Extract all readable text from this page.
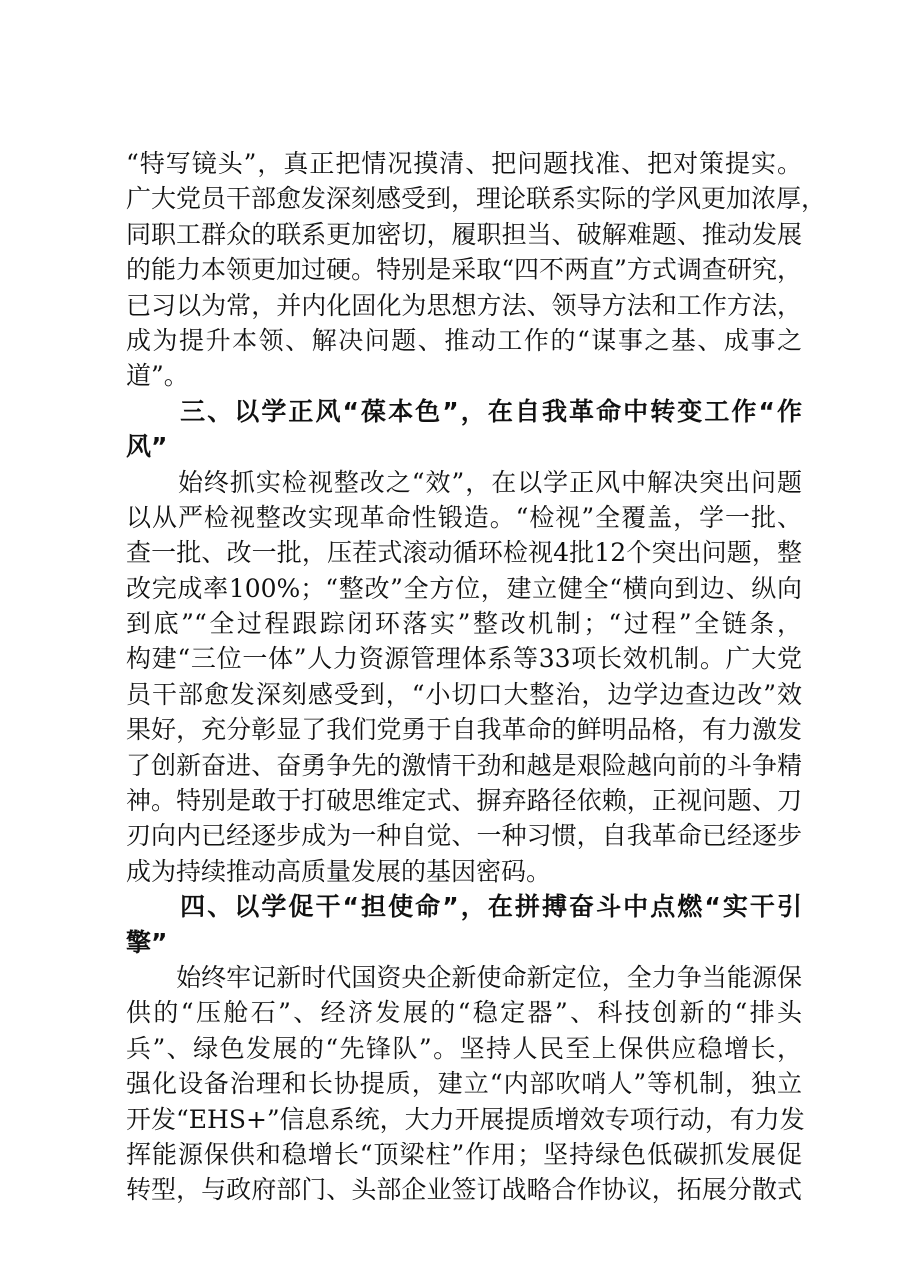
“特写镜头”，真正把情况摸清、把问题找准、把对策提实。
广大党员干部愈发深刻感受到，理论联系实际的学风更加浓厚，
同职工群众的联系更加密切，履职担当、破解难题、推动发展
的能力本领更加过硬。特别是采取“四不两直”方式调查研究，
已习以为常，并内化固化为思想方法、领导方法和工作方法，
成为提升本领、解决问题、推动工作的“谋事之基、成事之
道”。
　　三、以学正风“葆本色”，在自我革命中转变工作“作
风”
　　始终抓实检视整改之“效”，在以学正风中解决突出问题
以从严检视整改实现革命性锻造。“检视”全覆盖，学一批、
查一批、改一批，压茬式滚动循环检视4批12个突出问题，整
改完成率100%；“整改”全方位，建立健全“横向到边、纵向
到底”“全过程跟踪闭环落实”整改机制；“过程”全链条，
构建“三位一体”人力资源管理体系等33项长效机制。广大党
员干部愈发深刻感受到，“小切口大整治，边学边查边改”效
果好，充分彰显了我们党勇于自我革命的鲜明品格，有力激发
了创新奋进、奋勇争先的激情干劲和越是艰险越向前的斗争精
神。特别是敢于打破思维定式、摒弃路径依赖，正视问题、刀
刃向内已经逐步成为一种自觉、一种习惯，自我革命已经逐步
成为持续推动高质量发展的基因密码。
　　四、以学促干“担使命”，在拼搏奋斗中点燃“实干引
擎”
　　始终牢记新时代国资央企新使命新定位，全力争当能源保
供的“压舱石”、经济发展的“稳定器”、科技创新的“排头
兵”、绿色发展的“先锋队”。坚持人民至上保供应稳增长，
强化设备治理和长协提质，建立“内部吹哨人”等机制，独立
开发“EHS+”信息系统，大力开展提质增效专项行动，有力发
挥能源保供和稳增长“顶梁柱”作用；坚持绿色低碳抓发展促
转型，与政府部门、头部企业签订战略合作协议，拓展分散式
